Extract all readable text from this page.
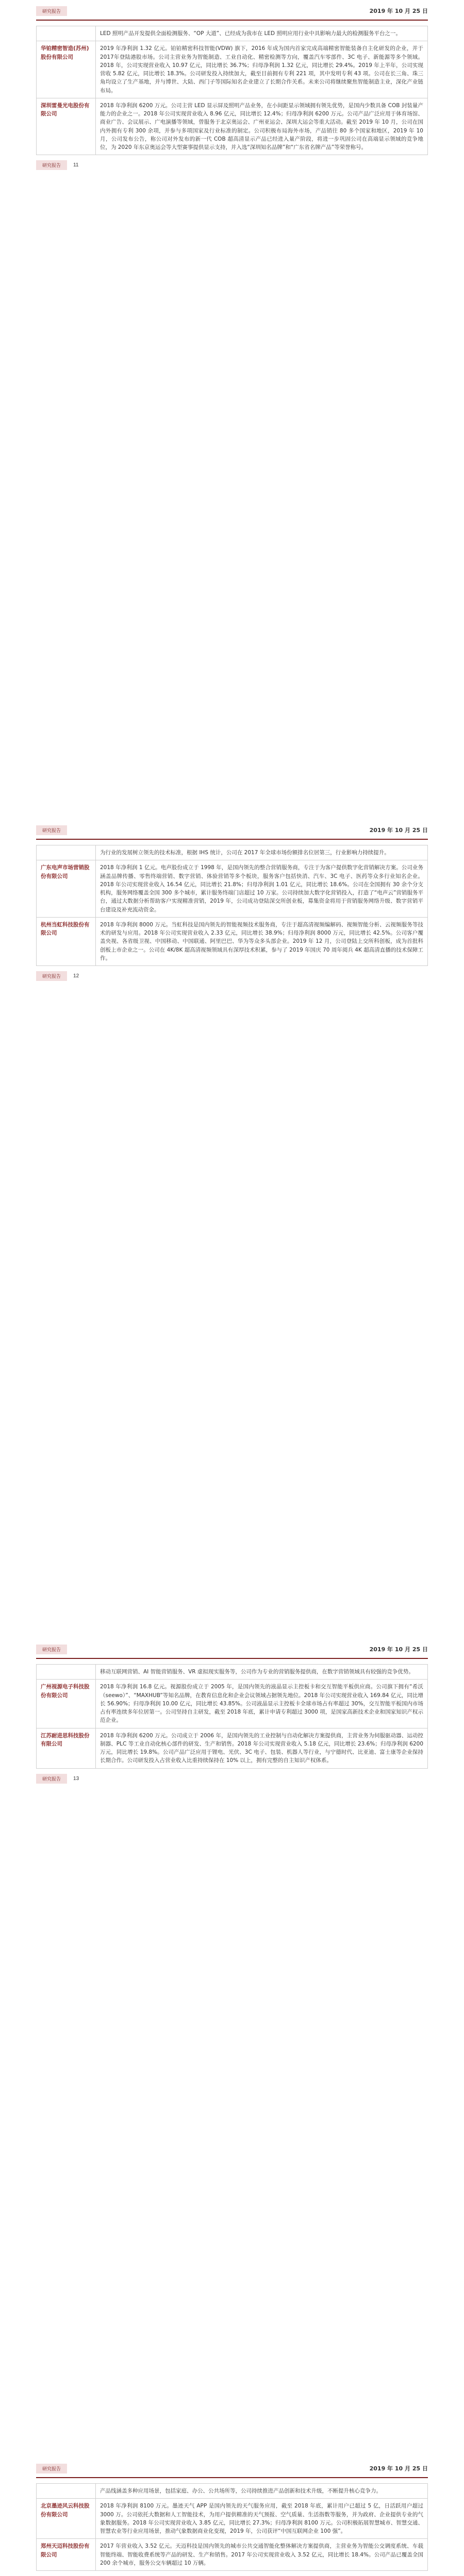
研究报告	2019 年 10 月 25 日
	LED 照明产品开发提供全面检测服务、“OP 大道”、已经成为我市在 LED 照明应用行业中具影响力最大的检测服务平台之一。
华铂精密智造(苏州)股份有限公司	2019 年净利润 1.32 亿元。铂铂精密科技智能(VDW) 旗下，2016 年成为国内首家完成高端精密智能装备自主化研发的企业，并于2017年登陆港股市场。公司主营业务为智能制造、工业自动化、精密检测等方向，覆盖汽车零部件、3C 电子、新能源等多个领域。2018 年，公司实现营业收入 10.97 亿元，同比增长 36.7%；归母净利润 1.32 亿元，同比增长 29.4%。2019 年上半年，公司实现营收 5.82 亿元，同比增长 18.3%。公司研发投入持续加大，截至目前拥有专利 221 项，其中发明专利 43 项。公司在长三角、珠三角均设立了生产基地，并与博世、大陆、西门子等国际知名企业建立了长期合作关系。未来公司将继续聚焦智能制造主业，深化产业链布局。
深圳雷曼光电股份有限公司	2018 年净利润 6200 万元。公司主营 LED 显示屏及照明产品业务，在小间距显示领域拥有领先优势，是国内少数具备 COB 封装量产能力的企业之一。2018 年公司实现营业收入 8.96 亿元，同比增长 12.4%；归母净利润 6200 万元。公司产品广泛应用于体育场馆、商业广告、会议展示、广电演播等领域，曾服务于北京奥运会、广州亚运会、深圳大运会等重大活动。截至 2019 年 10 月，公司在国内外拥有专利 300 余项，并参与多项国家及行业标准的制定。公司积极布局海外市场，产品销往 80 多个国家和地区，2019 年 10 月，公司发布公告，称公司对外发布的新一代 COB 超高清显示产品已经进入量产阶段，将进一步巩固公司在高端显示领域的竞争地位，为 2020 年东京奥运会等大型赛事提供显示支持，并入选“深圳知名品牌”和“广东省名牌产品”等荣誉称号。
研究报告	11
研究报告	2019 年 10 月 25 日
	为行业的发展树立领先的技术标准，根据 IHS 统计，公司在 2017 年全球市场份额排名位居第三，行业影响力持续提升。
广东电声市场营销股份有限公司	2018 年净利润 1 亿元。电声股份成立于 1998 年，是国内领先的整合营销服务商，专注于为客户提供数字化营销解决方案。公司业务涵盖品牌传播、零售终端营销、数字营销、体验营销等多个板块，服务客户包括快消、汽车、3C 电子、医药等众多行业知名企业。2018 年公司实现营业收入 16.54 亿元，同比增长 21.8%；归母净利润 1.01 亿元，同比增长 18.6%。公司在全国拥有 30 余个分支机构，服务网络覆盖全国 300 多个城市，累计服务终端门店超过 10 万家。公司持续加大数字化营销投入，打造了“电声云”营销服务平台，通过大数据分析帮助客户实现精准营销，2019 年，公司成功登陆深交所创业板，募集资金将用于营销服务网络升级、数字营销平台建设及补充流动资金。
杭州当虹科技股份有限公司	2018 年净利润 8000 万元。当虹科技是国内领先的智能视频技术服务商，专注于超高清视频编解码、视频智能分析、云视频服务等技术的研发与应用。2018 年公司实现营业收入 2.33 亿元，同比增长 38.9%；归母净利润 8000 万元，同比增长 42.5%。公司客户覆盖央视、各省级卫视、中国移动、中国联通、阿里巴巴、华为等众多头部企业。2019 年 12 月，公司登陆上交所科创板，成为首批科创板上市企业之一。公司在 4K/8K 超高清视频领域具有深厚技术积累，参与了 2019 年国庆 70 周年阅兵 4K 超高清直播的技术保障工作。
研究报告	12
研究报告	2019 年 10 月 25 日
	移动互联网营销、AI 智能营销服务、VR 虚拟现实服务等，公司作为专业的营销服务提供商，在数字营销领域具有较强的竞争优势。
广州视源电子科技股份有限公司	2018 年净利润 16.8 亿元。视源股份成立于 2005 年，是国内领先的液晶显示主控板卡和交互智能平板供应商。公司旗下拥有“希沃（seewo）”、“MAXHUB”等知名品牌，在教育信息化和企业会议领域占据领先地位。2018 年公司实现营业收入 169.84 亿元，同比增长 56.90%；归母净利润 10.00 亿元，同比增长 43.85%。公司液晶显示主控板卡全球市场占有率超过 30%，交互智能平板国内市场占有率连续多年位居第一。公司坚持自主研发，截至 2018 年底，累计申请专利超过 3000 项，是国家高新技术企业和国家知识产权示范企业。
江苏耐进思科技股份有限公司	2018 年净利润 6200 万元。公司成立于 2006 年，是国内领先的工业控制与自动化解决方案提供商，主营业务为伺服驱动器、运动控制器、PLC 等工业自动化核心部件的研发、生产和销售。2018 年公司实现营业收入 5.18 亿元，同比增长 23.6%；归母净利润 6200 万元，同比增长 19.8%。公司产品广泛应用于锂电、光伏、3C 电子、包装、机器人等行业，与宁德时代、比亚迪、富士康等企业保持长期合作。公司研发投入占营业收入比重持续保持在 10% 以上，拥有完整的自主知识产权体系。
研究报告	13
研究报告	2019 年 10 月 25 日
	产品线涵盖多种应用场景，包括家庭、办公、公共场所等，公司持续推进产品创新和技术升级，不断提升核心竞争力。
北京墨迹风云科技股份有限公司	2018 年净利润 8100 万元。墨迹天气 APP 是国内领先的天气服务应用，截至 2018 年底，累计用户已超过 5 亿，日活跃用户超过 3000 万。公司依托大数据和人工智能技术，为用户提供精准的天气预报、空气质量、生活指数等服务，并为政府、企业提供专业的气象数据服务。2018 年公司实现营业收入 3.85 亿元，同比增长 27.3%；归母净利润 8100 万元。公司积极拓展智慧城市、智慧交通、智慧农业等行业应用场景，推动气象数据商业化变现，2019 年，公司获评“中国互联网企业 100 强”。
郑州天迈科技股份有限公司	2017 年营业收入 3.52 亿元。天迈科技是国内领先的城市公共交通智能化整体解决方案提供商，主营业务为智能公交调度系统、车载智能终端、智能收费系统等产品的研发、生产和销售。2017 年公司实现营业收入 3.52 亿元，同比增长 18.4%。公司产品已覆盖全国 200 余个城市，服务公交车辆超过 10 万辆。
